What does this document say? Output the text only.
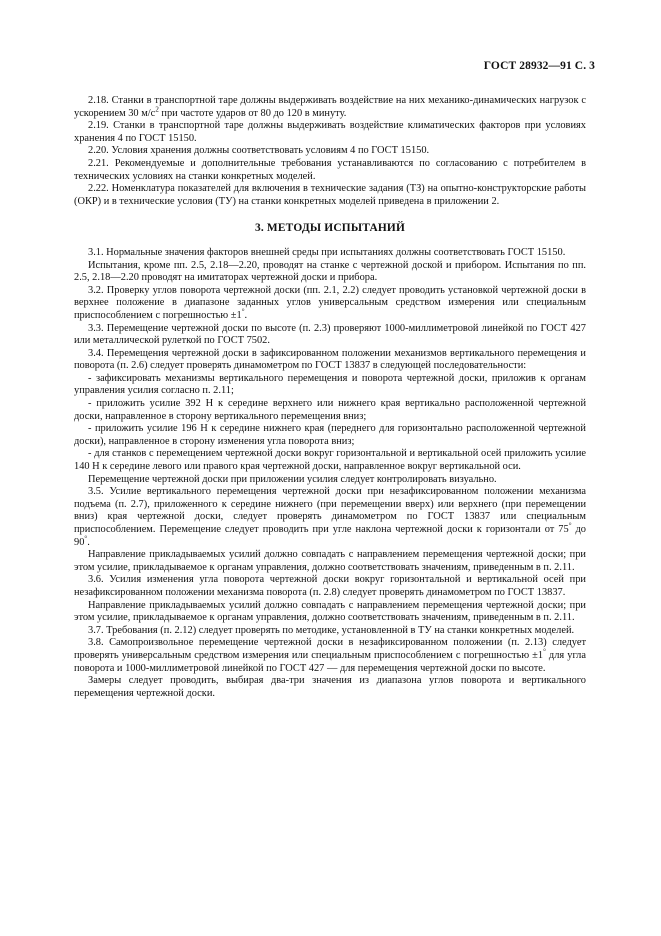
ГОСТ 28932—91 С. 3

2.18. Станки в транспортной таре должны выдерживать воздействие на них механико-динамических нагрузок с ускорением 30 $м/с^2$ при частоте ударов от 80 до 120 в минуту.

2.19. Станки в транспортной таре должны выдерживать воздействие климатических факторов при условиях хранения 4 по ГОСТ 15150.

2.20. Условия хранения должны соответствовать условиям 4 по ГОСТ 15150.

2.21. Рекомендуемые и дополнительные требования устанавливаются по согласованию с потребителем в технических условиях на станки конкретных моделей.

2.22. Номенклатура показателей для включения в технические задания (ТЗ) на опытно-конструкторские работы (ОКР) и в технические условия (ТУ) на станки конкретных моделей приведена в приложении 2.

3. МЕТОДЫ ИСПЫТАНИЙ

3.1. Нормальные значения факторов внешней среды при испытаниях должны соответствовать ГОСТ 15150.

Испытания, кроме пп. 2.5, 2.18—2.20, проводят на станке с чертежной доской и прибором. Испытания по пп. 2.5, 2.18—2.20 проводят на имитаторах чертежной доски и прибора.

3.2. Проверку углов поворота чертежной доски (пп. 2.1, 2.2) следует проводить установкой чертежной доски в верхнее положение в диапазоне заданных углов универсальным средством измерения или специальным приспособлением с погрешностью ±1°.

3.3. Перемещение чертежной доски по высоте (п. 2.3) проверяют 1000-миллиметровой линейкой по ГОСТ 427 или металлической рулеткой по ГОСТ 7502.

3.4. Перемещения чертежной доски в зафиксированном положении механизмов вертикального перемещения и поворота (п. 2.6) следует проверять динамометром по ГОСТ 13837 в следующей последовательности:

- зафиксировать механизмы вертикального перемещения и поворота чертежной доски, приложив к органам управления усилия согласно п. 2.11;

- приложить усилие 392 Н к середине верхнего или нижнего края вертикально расположенной чертежной доски, направленное в сторону вертикального перемещения вниз;

- приложить усилие 196 Н к середине нижнего края (переднего для горизонтально расположенной чертежной доски), направленное в сторону изменения угла поворота вниз;

- для станков с перемещением чертежной доски вокруг горизонтальной и вертикальной осей приложить усилие 140 Н к середине левого или правого края чертежной доски, направленное вокруг вертикальной оси.

Перемещение чертежной доски при приложении усилия следует контролировать визуально.

3.5. Усилие вертикального перемещения чертежной доски при незафиксированном положении механизма подъема (п. 2.7), приложенного к середине нижнего (при перемещении вверх) или верхнего (при перемещении вниз) края чертежной доски, следует проверять динамометром по ГОСТ 13837 или специальным приспособлением. Перемещение следует проводить при угле наклона чертежной доски к горизонтали от 75° до 90°.

Направление прикладываемых усилий должно совпадать с направлением перемещения чертежной доски; при этом усилие, прикладываемое к органам управления, должно соответствовать значениям, приведенным в п. 2.11.

3.6. Усилия изменения угла поворота чертежной доски вокруг горизонтальной и вертикальной осей при незафиксированном положении механизма поворота (п. 2.8) следует проверять динамометром по ГОСТ 13837.

Направление прикладываемых усилий должно совпадать с направлением перемещения чертежной доски; при этом усилие, прикладываемое к органам управления, должно соответствовать значениям, приведенным в п. 2.11.

3.7. Требования (п. 2.12) следует проверять по методике, установленной в ТУ на станки конкретных моделей.

3.8. Самопроизвольное перемещение чертежной доски в незафиксированном положении (п. 2.13) следует проверять универсальным средством измерения или специальным приспособлением с погрешностью ±1° для угла поворота и 1000-миллиметровой линейкой по ГОСТ 427 — для перемещения чертежной доски по высоте.

Замеры следует проводить, выбирая два-три значения из диапазона углов поворота и вертикального перемещения чертежной доски.
